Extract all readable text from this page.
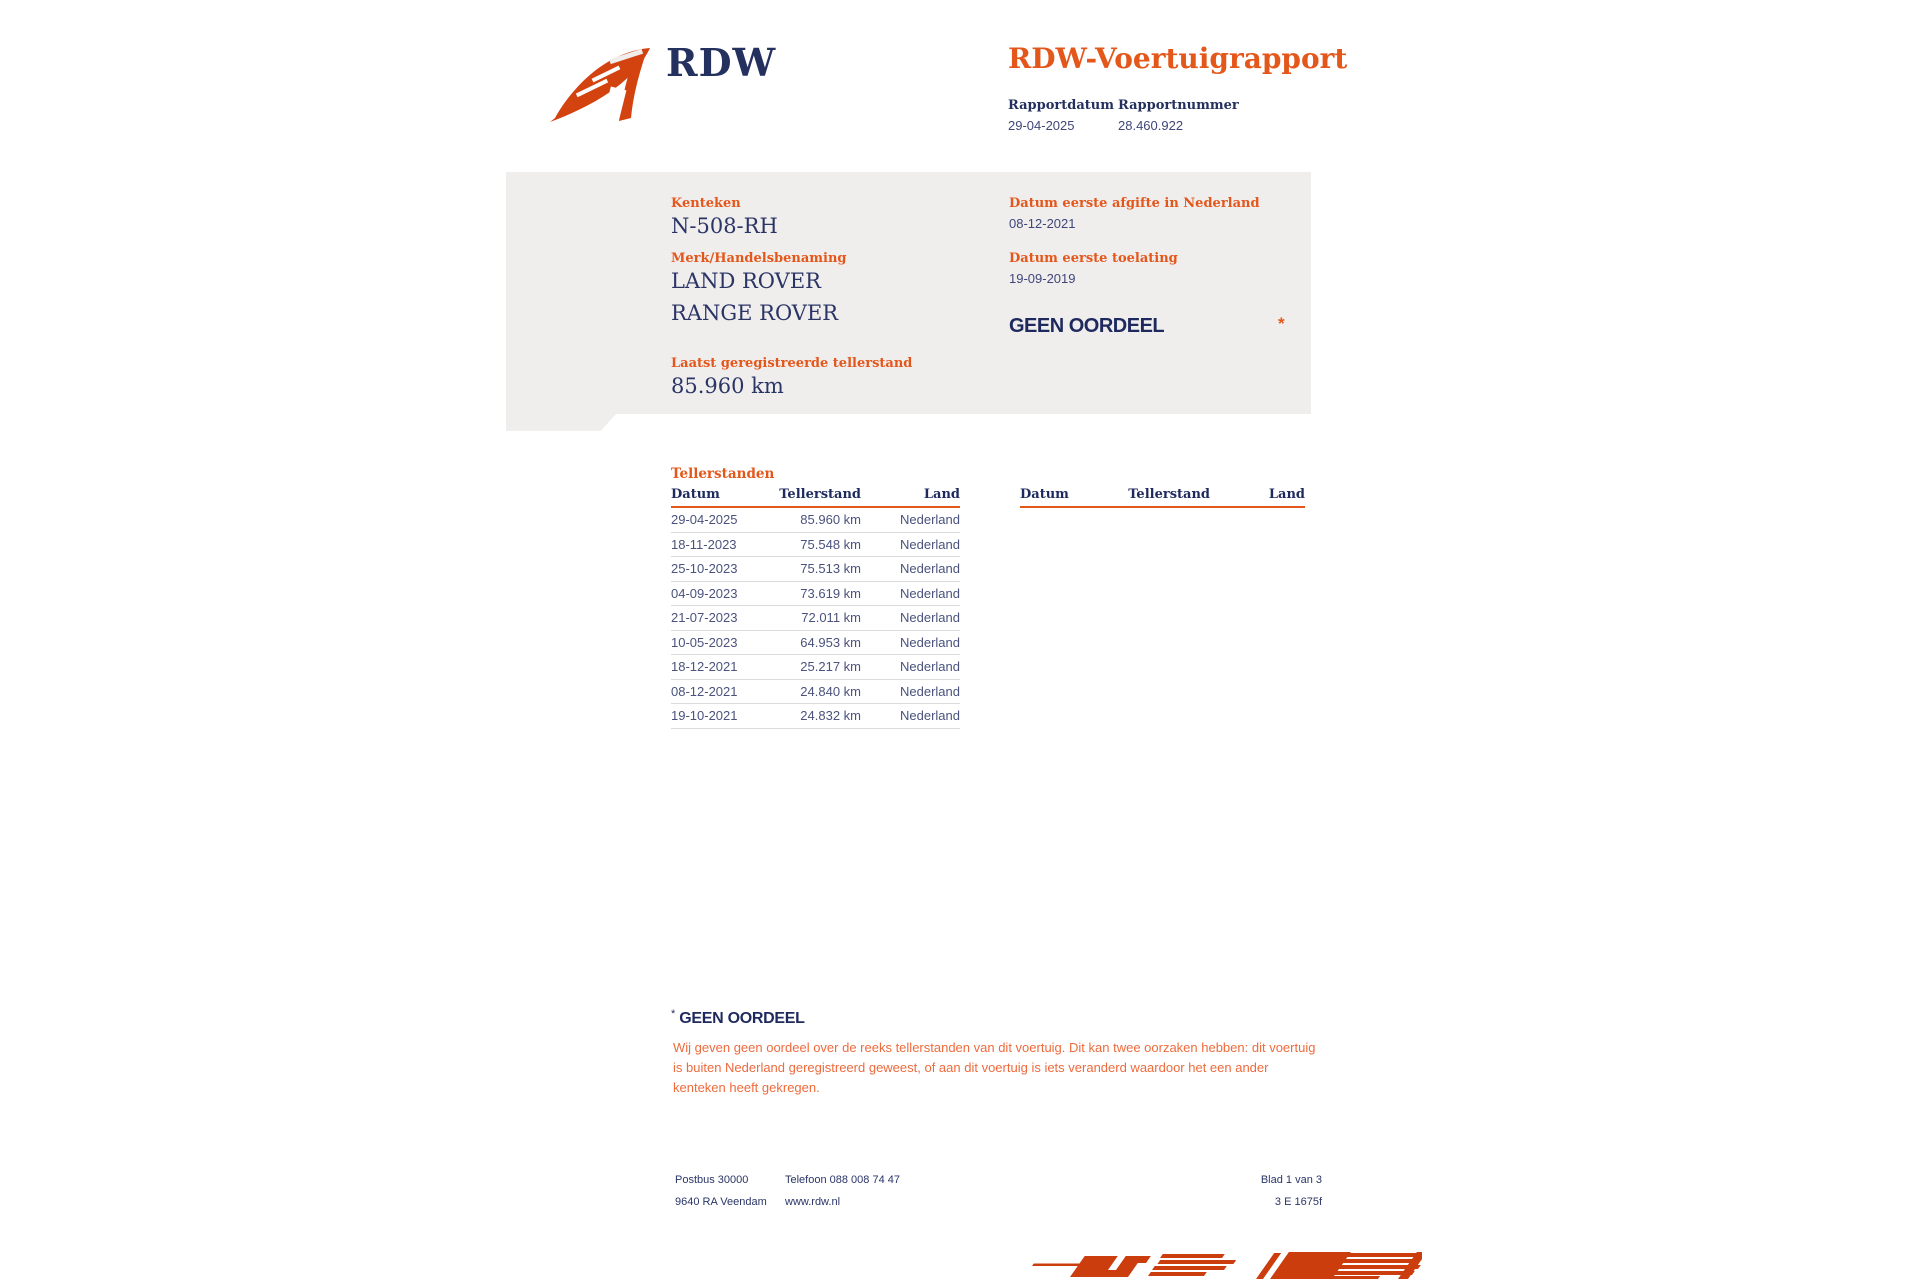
RDW	RDW-Voertuigrapport
Rapportdatum Rapportnummer
29-04-2025	28.460.922
Kenteken
N-508-RH
Merk/Handelsbenaming
LAND ROVER
RANGE ROVER
Laatst geregistreerde tellerstand
85.960 km
Datum eerste afgifte in Nederland
08-12-2021
Datum eerste toelating
19-09-2019
GEEN OORDEEL	*
Tellerstanden
Datum	Tellerstand	Land
29-04-2025	85.960 km	Nederland
18-11-2023	75.548 km	Nederland
25-10-2023	75.513 km	Nederland
04-09-2023	73.619 km	Nederland
21-07-2023	72.011 km	Nederland
10-05-2023	64.953 km	Nederland
18-12-2021	25.217 km	Nederland
08-12-2021	24.840 km	Nederland
19-10-2021	24.832 km	Nederland
Datum	Tellerstand	Land
* GEEN OORDEEL
Wij geven geen oordeel over de reeks tellerstanden van dit voertuig. Dit kan twee oorzaken hebben: dit voertuig is buiten Nederland geregistreerd geweest, of aan dit voertuig is iets veranderd waardoor het een ander kenteken heeft gekregen.
Postbus 30000
9640 RA Veendam
Telefoon 088 008 74 47
www.rdw.nl
Blad 1 van 3
3 E 1675f
